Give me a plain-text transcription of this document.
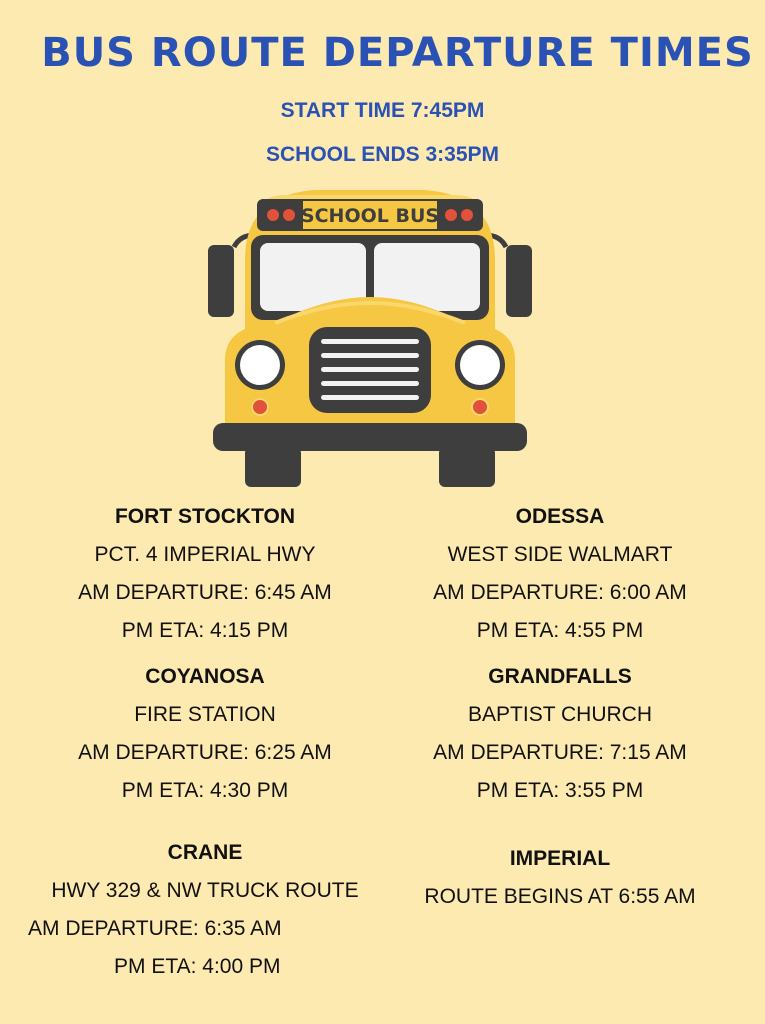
BUS ROUTE DEPARTURE TIMES
START TIME 7:45PM
SCHOOL ENDS 3:35PM
SCHOOL BUS
FORT STOCKTON
PCT. 4 IMPERIAL HWY
AM DEPARTURE: 6:45 AM
PM ETA: 4:15 PM
ODESSA
WEST SIDE WALMART
AM DEPARTURE: 6:00 AM
PM ETA: 4:55 PM
COYANOSA
FIRE STATION
AM DEPARTURE: 6:25 AM
PM ETA: 4:30 PM
GRANDFALLS
BAPTIST CHURCH
AM DEPARTURE: 7:15 AM
PM ETA: 3:55 PM
CRANE
HWY 329 & NW TRUCK ROUTE
AM DEPARTURE: 6:35 AM
PM ETA: 4:00 PM
IMPERIAL
ROUTE BEGINS AT 6:55 AM
